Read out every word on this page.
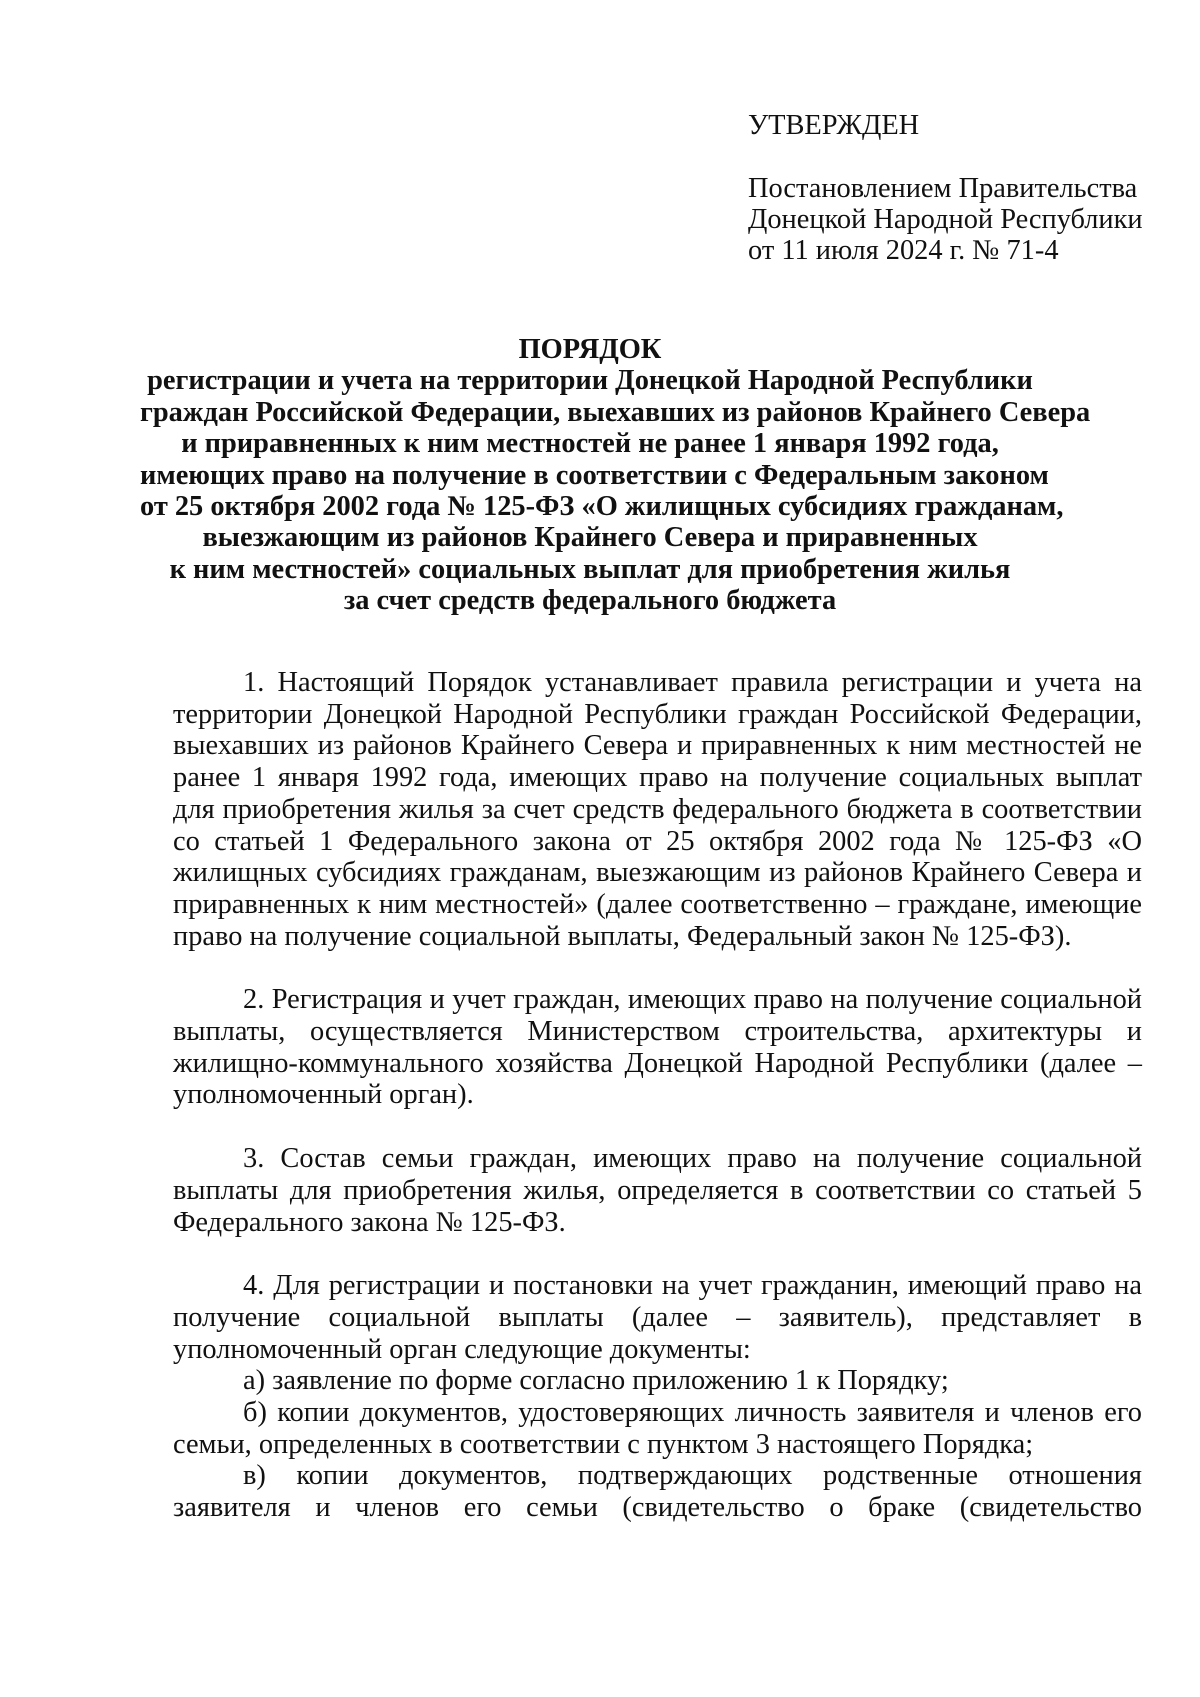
УТВЕРЖДЕН
Постановлением Правительства
Донецкой Народной Республики
от 11 июля 2024 г. № 71-4
ПОРЯДОК
регистрации и учета на территории Донецкой Народной Республики
граждан Российской Федерации, выехавших из районов Крайнего Севера
и приравненных к ним местностей не ранее 1 января 1992 года,
имеющих право на получение в соответствии с Федеральным законом
от 25 октября 2002 года № 125-ФЗ «О жилищных субсидиях гражданам,
выезжающим из районов Крайнего Севера и приравненных
к ним местностей» социальных выплат для приобретения жилья
за счет средств федерального бюджета

1. Настоящий Порядок устанавливает правила регистрации и учета на территории Донецкой Народной Республики граждан Российской Федерации, выехавших из районов Крайнего Севера и приравненных к ним местностей не ранее 1 января 1992 года, имеющих право на получение социальных выплат для приобретения жилья за счет средств федерального бюджета в соответствии со статьей 1 Федерального закона от 25 октября 2002 года № 125-ФЗ «О жилищных субсидиях гражданам, выезжающим из районов Крайнего Севера и приравненных к ним местностей» (далее соответственно – граждане, имеющие право на получение социальной выплаты, Федеральный закон № 125-ФЗ).

2. Регистрация и учет граждан, имеющих право на получение социальной выплаты, осуществляется Министерством строительства, архитектуры и жилищно-коммунального хозяйства Донецкой Народной Республики (далее – уполномоченный орган).

3. Состав семьи граждан, имеющих право на получение социальной выплаты для приобретения жилья, определяется в соответствии со статьей 5 Федерального закона № 125-ФЗ.

4. Для регистрации и постановки на учет гражданин, имеющий право на получение социальной выплаты (далее – заявитель), представляет в уполномоченный орган следующие документы:

а) заявление по форме согласно приложению 1 к Порядку;

б) копии документов, удостоверяющих личность заявителя и членов его семьи, определенных в соответствии с пунктом 3 настоящего Порядка;

в) копии документов, подтверждающих родственные отношения заявителя и членов его семьи (свидетельство о браке (свидетельство
